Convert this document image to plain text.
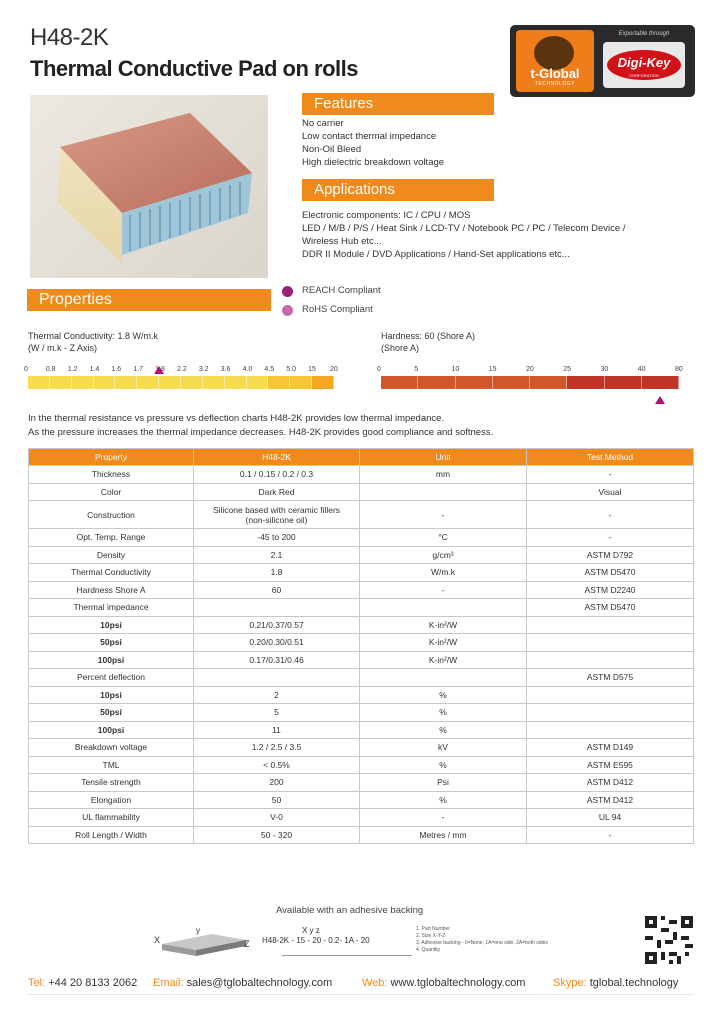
H48-2K
Thermal Conductive Pad on rolls	t-Global
TECHNOLOGY
Exportable through
Digi-Key
CORPORATION
Features
No carrier
Low contact thermal impedance
Non-Oil Bleed
High dielectric breakdown voltage
Applications
Electronic components: IC / CPU / MOS
LED / M/B / P/S / Heat Sink / LCD-TV / Notebook PC / PC / Telecom Device /
Wireless Hub etc...
DDR II Module / DVD Applications / Hand-Set applications etc...
Properties
REACH Compliant
RoHS Compliant
Thermal Conductivity: 1.8 W/m.k
(W / m.k - Z Axis)
0	0.8 1.2 1.4 1.6 1.7 1.8 2.2 3.2 3.6 4.0 4.5 5.0 15 20
Hardness: 60 (Shore A)
(Shore A)
0	5	10	15	20	25	30	40	80
In the thermal resistance vs pressure vs deflection charts H48-2K provides low thermal impedance.
As the pressure increases the thermal impedance decreases. H48-2K provides good compliance and softness.
Property	H48-2K	Unit	Test Method
Thickness	0.1 / 0.15 / 0.2 / 0.3	mm	-
Color	Dark Red		Visual
Construction	Silicone based with ceramic fillers
(non-silicone oil)	-	-
Opt. Temp. Range	-45 to 200	°C	-
Density	2.1	g/cm³	ASTM D792
Thermal Conductivity	1.8	W/m.k	ASTM D5470
Hardness Shore A	60	-	ASTM D2240
Thermal impedance			ASTM D5470
10psi	0.21/0.37/0.57	K-in²/W	
50psi	0.20/0.30/0.51	K-in²/W	
100psi	0.17/0.31/0.46	K-in²/W	
Percent deflection			ASTM D575
10psi	2	%	
50psi	5	%	
100psi	11	%	
Breakdown voltage	1.2 / 2.5 / 3.5	kV	ASTM D149
TML	< 0.5%	%	ASTM E595
Tensile strength	200	Psi	ASTM D412
Elongation	50	%	ASTM D412
UL flammability	V-0	-	UL 94
Roll Length / Width	50 - 320	Metres / mm	-
Available with an adhesive backing
X
y
Z
X y z
H48-2K - 15 - 20 - 0.2- 1A - 20
1. Part Number
2. Size X-Y-Z
3. Adhesive backing - 0=None, 1A=one side, 2A=both sides
4. Quantity
Tel: +44 20 8133 2062 Email: sales@tglobaltechnology.com	Web: www.tglobaltechnology.com	Skype: tglobal.technology
